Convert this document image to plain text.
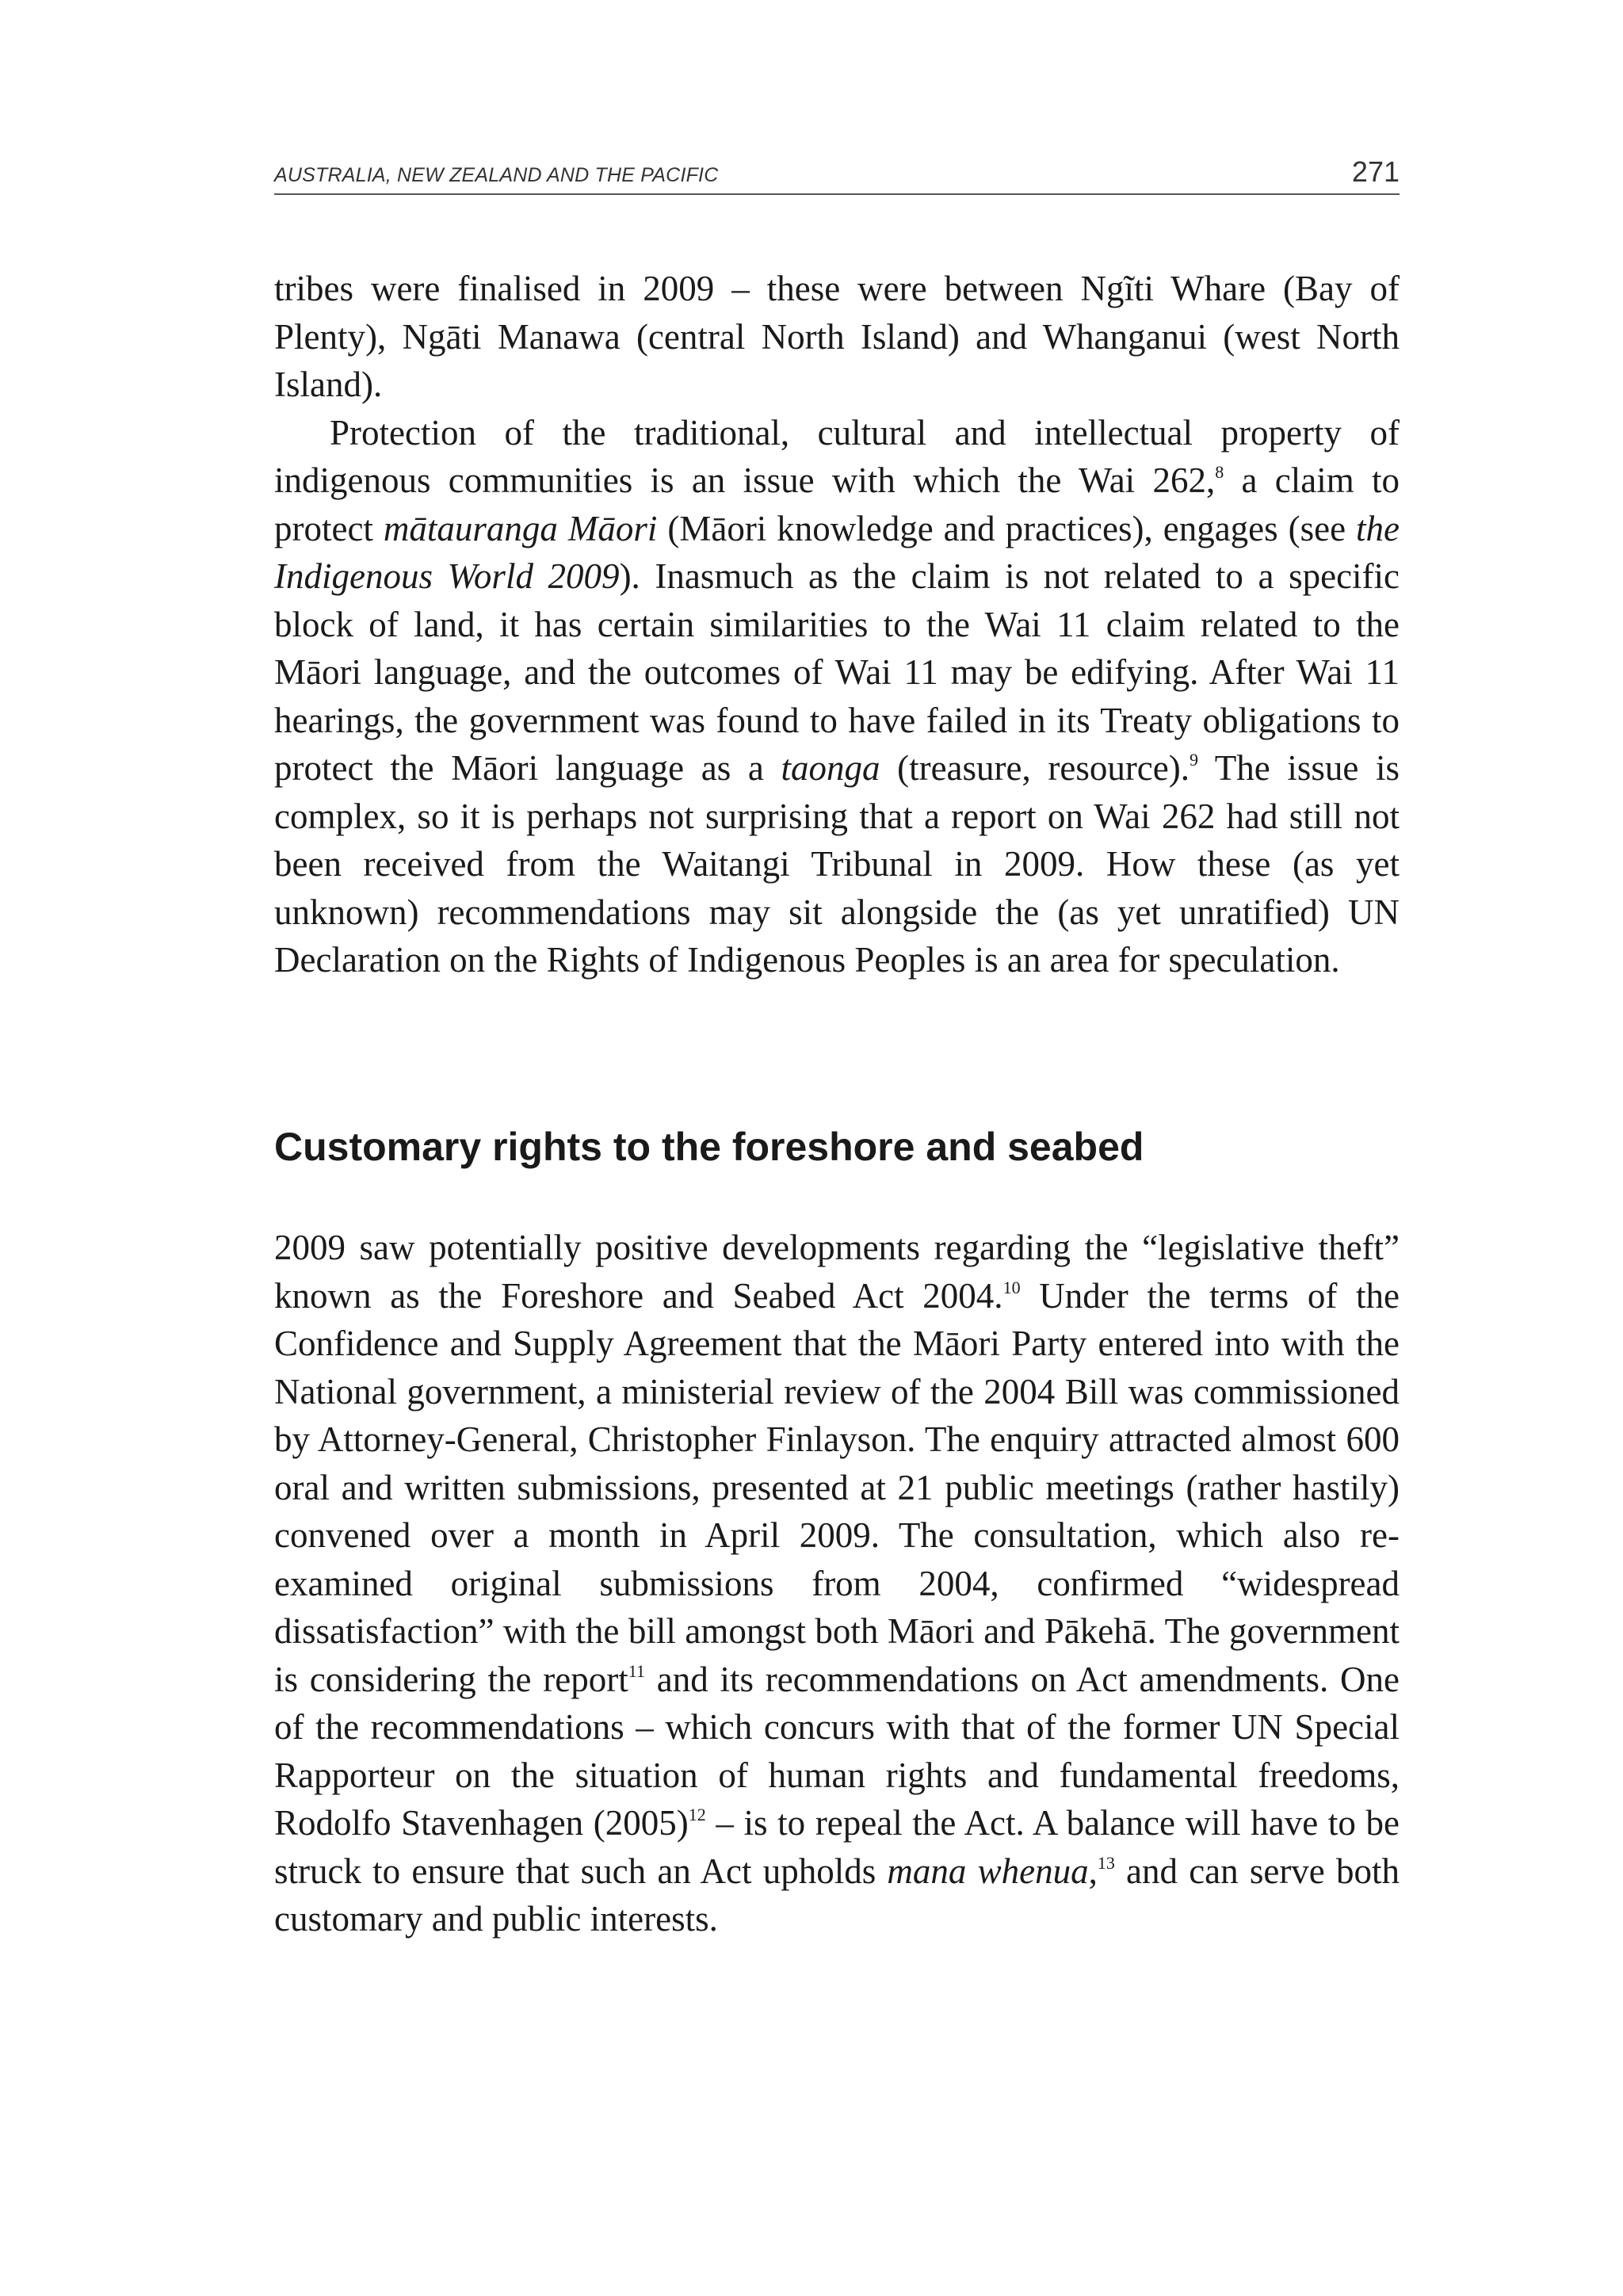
AUSTRALIA, NEW ZEALAND AND THE PACIFIC	271

tribes were finalised in 2009 – these were between Ngĩti Whare (Bay of Plenty), Ngāti Manawa (central North Island) and Whanganui (west North Island).

Protection of the traditional, cultural and intellectual property of indigenous communities is an issue with which the Wai 262,$^8$ a claim to protect mātauranga Māori (Māori knowledge and practices), engages (see the Indigenous World 2009). Inasmuch as the claim is not related to a specific block of land, it has certain similarities to the Wai 11 claim related to the Māori language, and the outcomes of Wai 11 may be edifying. After Wai 11 hearings, the government was found to have failed in its Treaty obligations to protect the Māori language as a taonga (treasure, resource).$^9$ The issue is complex, so it is perhaps not surprising that a report on Wai 262 had still not been received from the Waitangi Tribunal in 2009. How these (as yet unknown) recommendations may sit alongside the (as yet unratified) UN Declaration on the Rights of Indigenous Peoples is an area for speculation.

Customary rights to the foreshore and seabed

2009 saw potentially positive developments regarding the “legislative theft” known as the Foreshore and Seabed Act 2004.10 Under the terms of the Confidence and Supply Agreement that the Māori Party entered into with the National government, a ministerial review of the 2004 Bill was commissioned by Attorney-General, Christopher Finlayson. The enquiry attracted almost 600 oral and written submissions, presented at 21 public meetings (rather hastily) convened over a month in April 2009. The consultation, which also re-examined original submissions from 2004, confirmed “widespread dissatisfaction” with the bill amongst both Māori and Pākehā. The government is considering the report$^{11}$ and its recommendations on Act amendments. One of the recommendations – which concurs with that of the former UN Special Rapporteur on the situation of human rights and fundamental freedoms, Rodolfo Stavenhagen $(2005)^{12}$ – is to repeal the Act. A balance will have to be struck to ensure that such an Act upholds mana whenua,$^{13}$ and can serve both customary and public interests.
